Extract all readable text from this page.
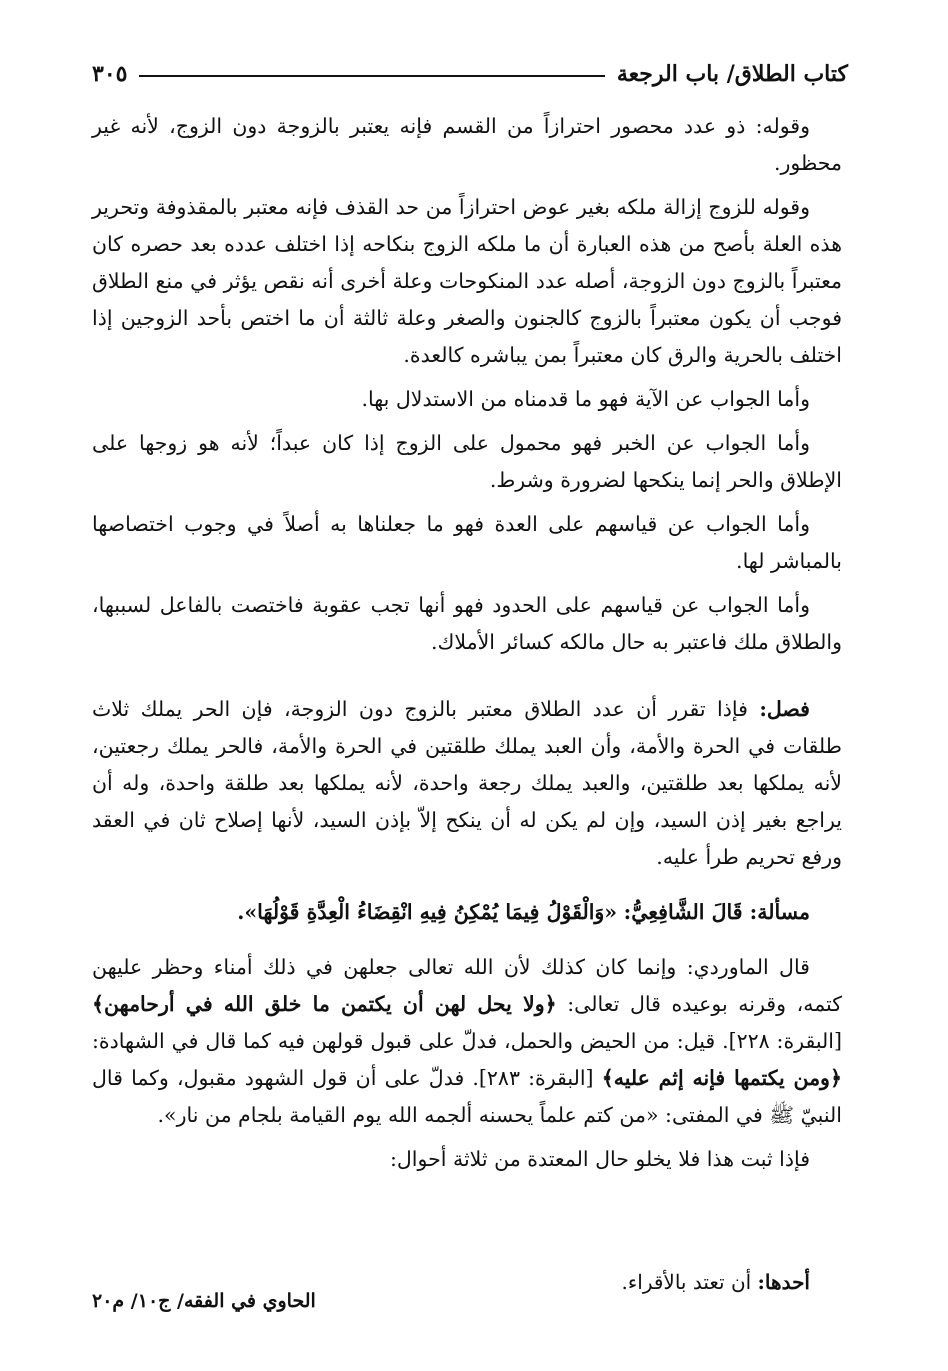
كتاب الطلاق/ باب الرجعة
٣٠٥

وقوله: ذو عدد محصور احترازاً من القسم فإنه يعتبر بالزوجة دون الزوج، لأنه غير محظور.

وقوله للزوج إزالة ملكه بغير عوض احترازاً من حد القذف فإنه معتبر بالمقذوفة وتحرير هذه العلة بأصح من هذه العبارة أن ما ملكه الزوج بنكاحه إذا اختلف عدده بعد حصره كان معتبراً بالزوج دون الزوجة، أصله عدد المنكوحات وعلة أخرى أنه نقص يؤثر في منع الطلاق فوجب أن يكون معتبراً بالزوج كالجنون والصغر وعلة ثالثة أن ما اختص بأحد الزوجين إذا اختلف بالحرية والرق كان معتبراً بمن يباشره كالعدة.

وأما الجواب عن الآية فهو ما قدمناه من الاستدلال بها.

وأما الجواب عن الخبر فهو محمول على الزوج إذا كان عبداً؛ لأنه هو زوجها على الإطلاق والحر إنما ينكحها لضرورة وشرط.

وأما الجواب عن قياسهم على العدة فهو ما جعلناها به أصلاً في وجوب اختصاصها بالمباشر لها.

وأما الجواب عن قياسهم على الحدود فهو أنها تجب عقوبة فاختصت بالفاعل لسببها، والطلاق ملك فاعتبر به حال مالكه كسائر الأملاك.

فصل: فإذا تقرر أن عدد الطلاق معتبر بالزوج دون الزوجة، فإن الحر يملك ثلاث طلقات في الحرة والأمة، وأن العبد يملك طلقتين في الحرة والأمة، فالحر يملك رجعتين، لأنه يملكها بعد طلقتين، والعبد يملك رجعة واحدة، لأنه يملكها بعد طلقة واحدة، وله أن يراجع بغير إذن السيد، وإن لم يكن له أن ينكح إلاّ بإذن السيد، لأنها إصلاح ثان في العقد ورفع تحريم طرأ عليه.

مسألة: قَالَ الشَّافِعِيُّ: «وَالْقَوْلُ فِيمَا يُمْكِنُ فِيهِ انْقِضَاءُ الْعِدَّةِ قَوْلُهَا».

قال الماوردي: وإنما كان كذلك لأن الله تعالى جعلهن في ذلك أمناء وحظر عليهن كتمه، وقرنه بوعيده قال تعالى: ﴿ولا يحل لهن أن يكتمن ما خلق الله في أرحامهن﴾ [البقرة: ٢٢٨]. قيل: من الحيض والحمل، فدلّ على قبول قولهن فيه كما قال في الشهادة: ﴿ومن يكتمها فإنه إثم عليه﴾ [البقرة: ٢٨٣]. فدلّ على أن قول الشهود مقبول، وكما قال النبيّ ﷺ في المفتى: «من كتم علماً يحسنه ألجمه الله يوم القيامة بلجام من نار».

فإذا ثبت هذا فلا يخلو حال المعتدة من ثلاثة أحوال:

أحدها: أن تعتد بالأقراء.

الحاوي في الفقه/ ج١٠/ م٢٠
